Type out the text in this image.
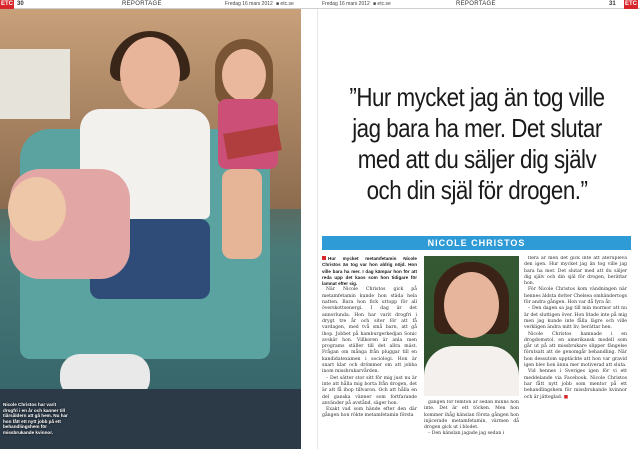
ETC 30	REPORTAGE	Fredag 16 mars 2012 ■ etc.se	Fredag 16 mars 2012 ■ etc.se	REPORTAGE	31 ETC
Nicole Christos har varit drogfri i en år och kanner till tiårsåldern att gå hem. Nu har hon fått ett nytt jobb på ett behandlingshem för missbrukande kvinnor.
”Hur mycket jag än tog ville jag bara ha mer. Det slutar med att du säljer dig själv och din själ för drogen.”
NICOLE CHRISTOS

Hur mycket metamfetamin Nicole Christos än tog var hon aldrig nöjd. Hon ville bara ha mer. I dag kämpar hon för att reda upp det kaos som hon tidigare för lamnat efter sig.

När Nicole Christos gick på metamfetamin kunde hon städa hela natten. Bara hon fick uttopp för all överskottsenergi. I dag är det annorlunda. Hon har varit drogfri i drygt tre år och siter för att få vardagen, med två små barn, att gå ihop. Jobbet på hamburgerkedjan Sonic avskär hon. Villkoren är anla men programs ställer till det allra mäst. Frågan om många från pluggar till en kandidatexamen i sociologi. Hon är snart klar och drömmer om att jobba inom missbrukarvården.

– Det sätter stor sitt för mig just nu är inte att hålla mig borta från drogen, det är att få ihop tillvaron. Och att hålla en del ganska vänner som fortfarande använder på avstånd, säger hon.

Exakt vad som hände efter den där gången hon rökte metamfetamin första

gången för femton år sedan minns hon inte. Det är ett töcken. Men hon kommer ihåg känslan första gången hon injicerade metamfetamin, värmen då drogen gick ut i blodet.

– Den känslan jagade jag sedan i

flera år men det gick inte att återupleva den igen. Hur mycket jag än tog ville jag bara ha mer. Det slutar med att du säljer dig själv och din själ för drogen, berättar hon.

För Nicole Christos kom vändningen när hennes äldsta dotter Chelsea omhändertogs för andra gången. Hon var då fyra år.

– Den dagen sa jag till min mormor att nu är det sluttigen över. Hon litade inte på mig men jag kunde inte fålla lägre och ville verkligen ändra mitt liv, berättar hen.

Nicole Christos hamnade i en drogdomstol, en amerikansk modell som går ut på att missbrukare slipper fängelse förutsatt att de genomgår behandling. När hon dessutom upptäckte att hon var gravid igen blev hon ännu mer motiverad att sluta.

Vid hennes i Sveriges igen för vi ett meddelande via Facebook. Nicole Christos har fått nytt jobb som mentor på ett behandlingshem för missbrukande kvinnor och är jätteglad. ■
